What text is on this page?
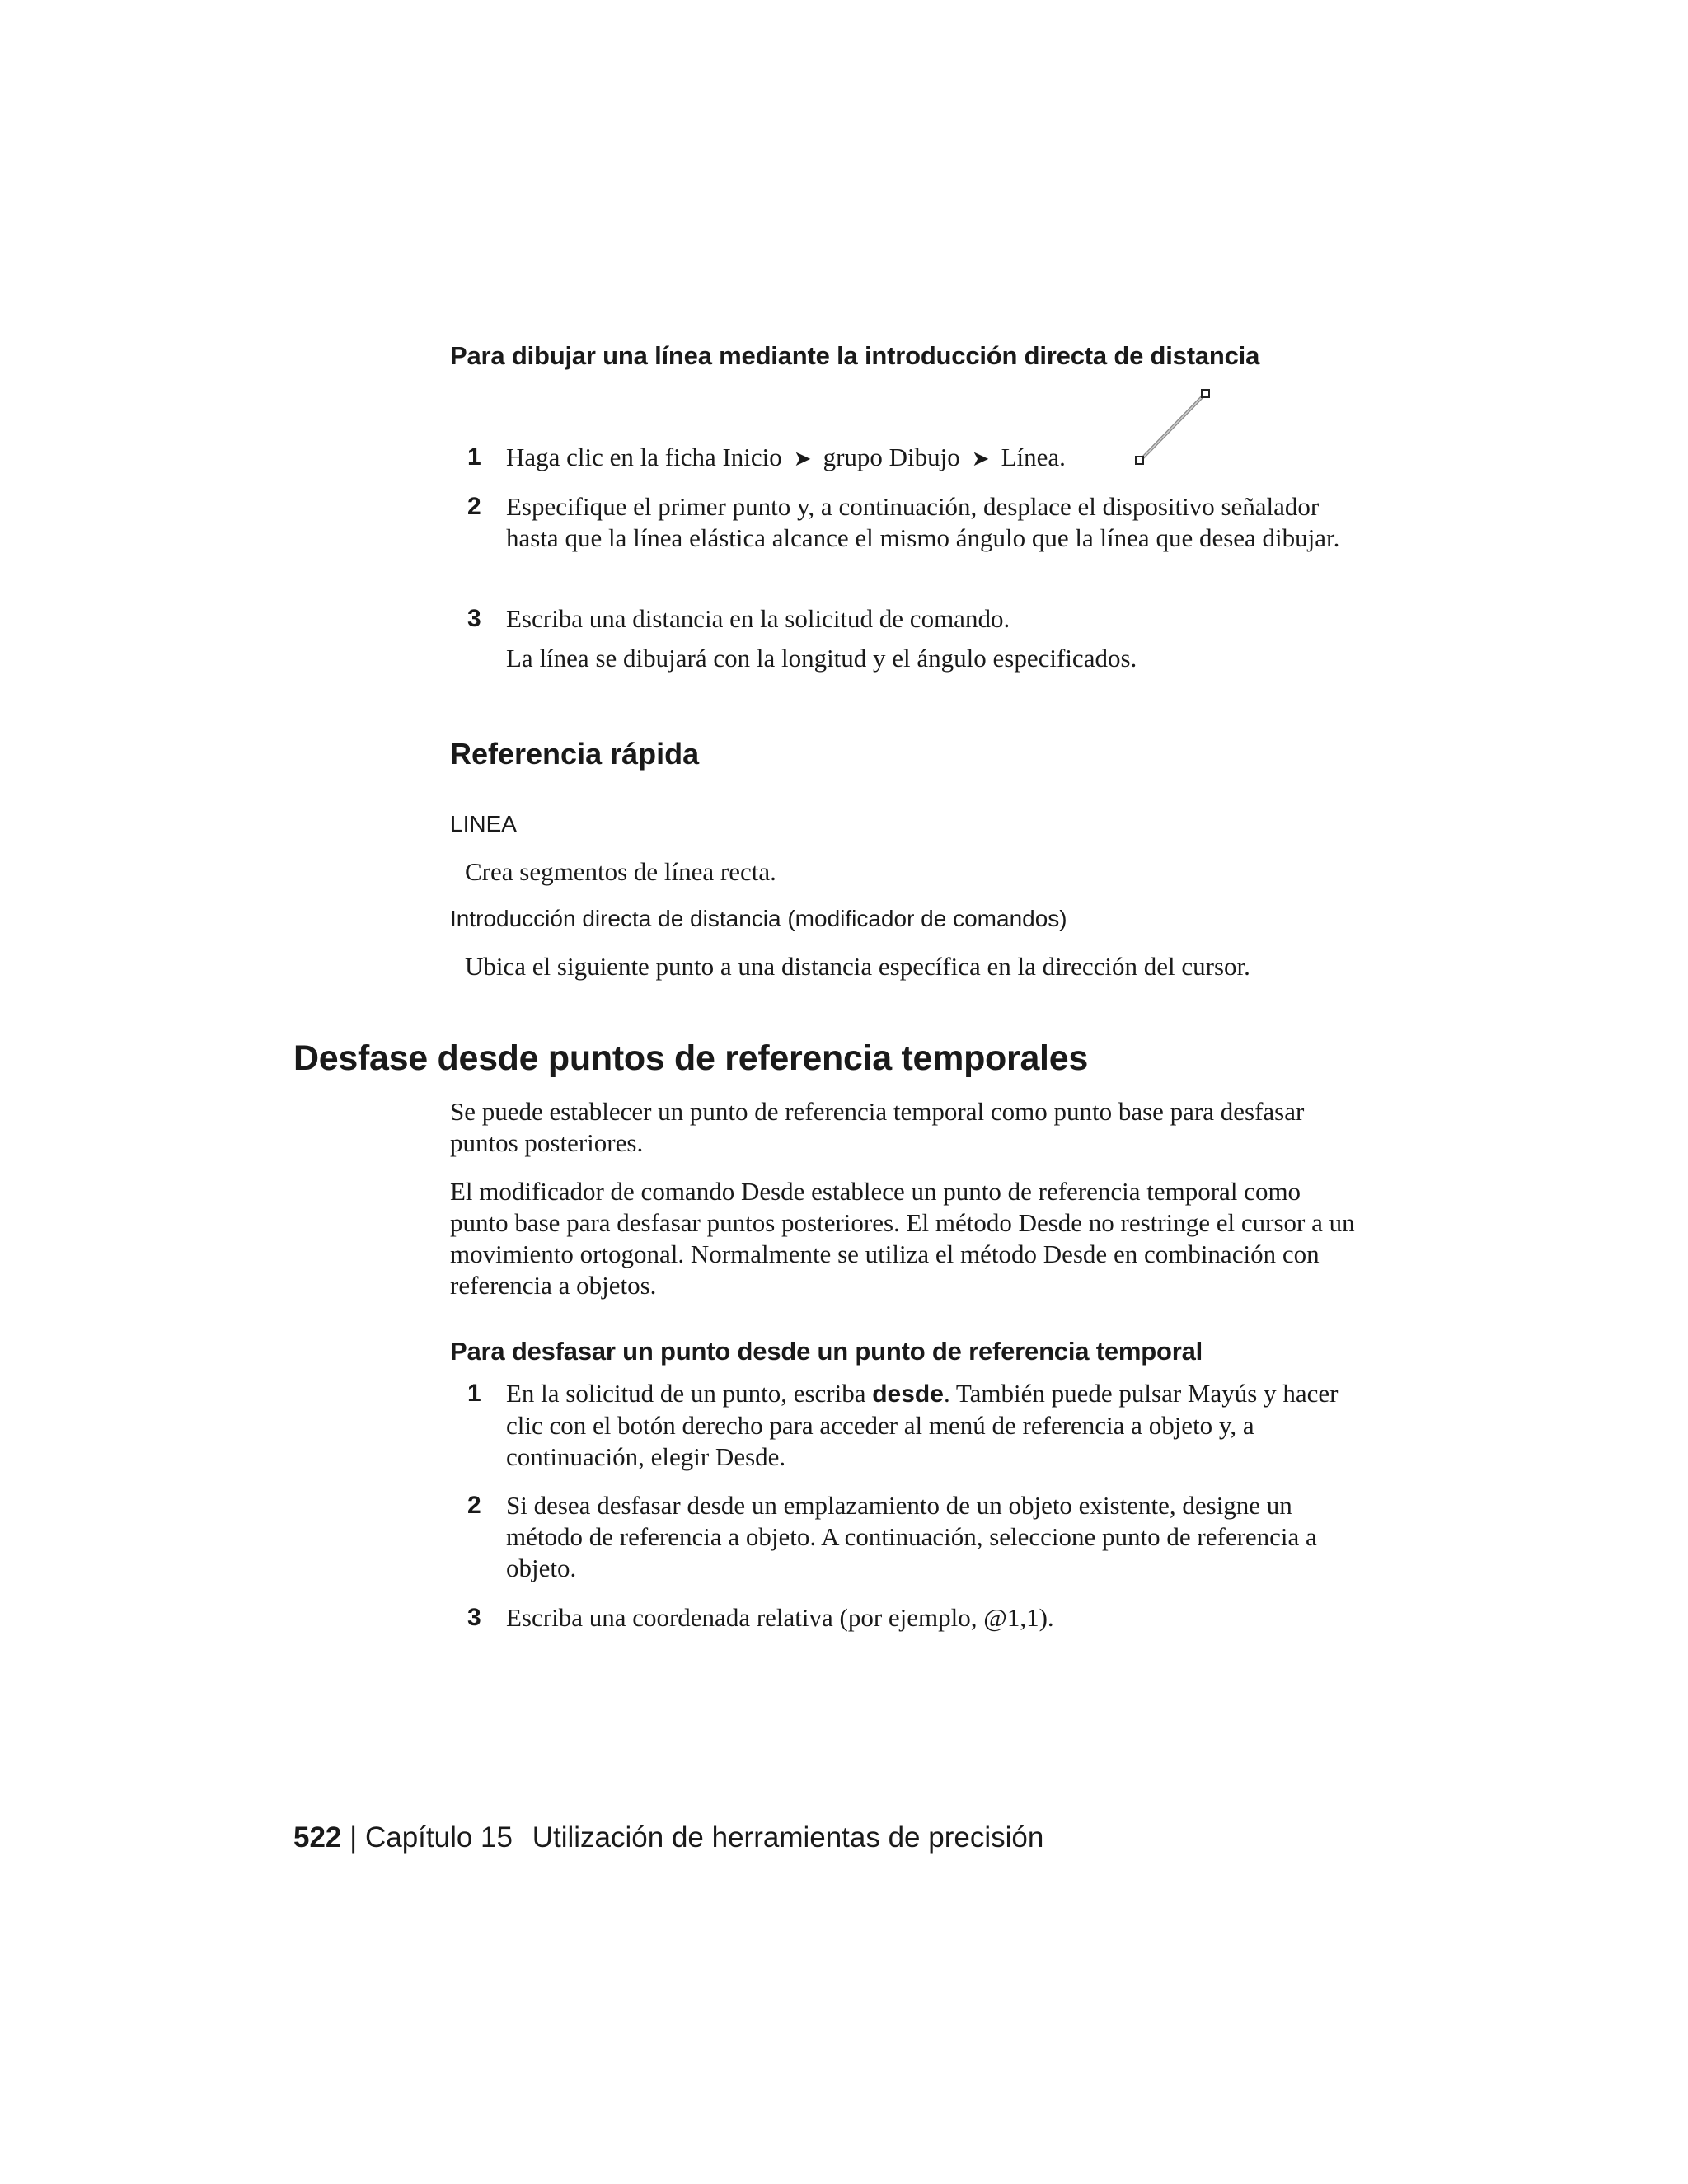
Para dibujar una línea mediante la introducción directa de distancia
1 Haga clic en la ficha Inicio ➤ grupo Dibujo ➤ Línea.
2 Especifique el primer punto y, a continuación, desplace el dispositivo señalador hasta que la línea elástica alcance el mismo ángulo que la línea que desea dibujar.
3 Escriba una distancia en la solicitud de comando.
La línea se dibujará con la longitud y el ángulo especificados.
Referencia rápida
LINEA
Crea segmentos de línea recta.
Introducción directa de distancia (modificador de comandos)
Ubica el siguiente punto a una distancia específica en la dirección del cursor.
Desfase desde puntos de referencia temporales
Se puede establecer un punto de referencia temporal como punto base para desfasar puntos posteriores.
El modificador de comando Desde establece un punto de referencia temporal como punto base para desfasar puntos posteriores. El método Desde no restringe el cursor a un movimiento ortogonal. Normalmente se utiliza el método Desde en combinación con referencia a objetos.
Para desfasar un punto desde un punto de referencia temporal
1 En la solicitud de un punto, escriba desde. También puede pulsar Mayús y hacer clic con el botón derecho para acceder al menú de referencia a objeto y, a continuación, elegir Desde.
2 Si desea desfasar desde un emplazamiento de un objeto existente, designe un método de referencia a objeto. A continuación, seleccione punto de referencia a objeto.
3 Escriba una coordenada relativa (por ejemplo, @1,1).
522 | Capítulo 15 Utilización de herramientas de precisión
